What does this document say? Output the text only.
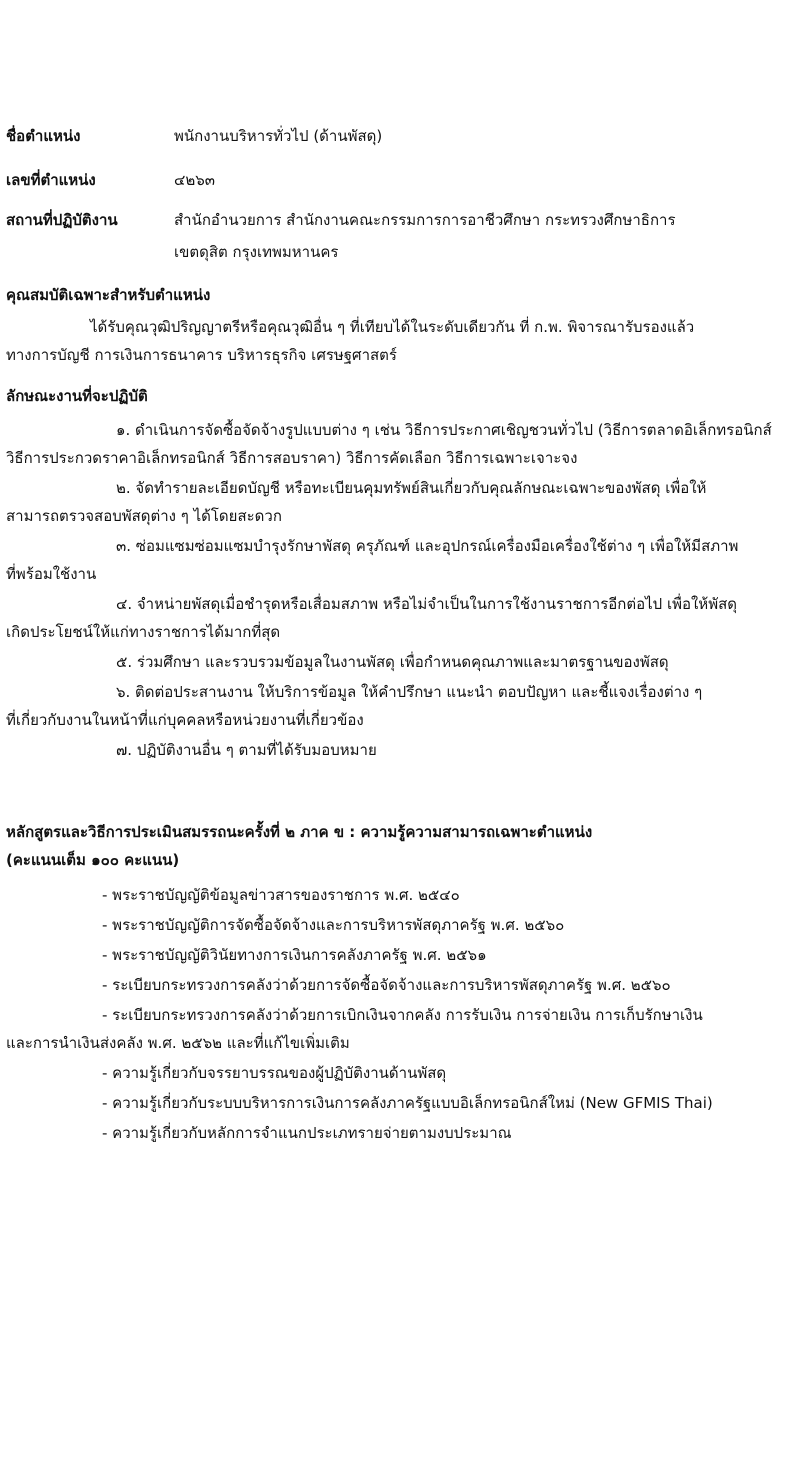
ชื่อตำแหน่ง	พนักงานบริหารทั่วไป (ด้านพัสดุ)
เลขที่ตำแหน่ง	๔๒๖๓
สถานที่ปฏิบัติงาน	สำนักอำนวยการ สำนักงานคณะกรรมการการอาชีวศึกษา กระทรวงศึกษาธิการ
เขตดุสิต กรุงเทพมหานคร
คุณสมบัติเฉพาะสำหรับตำแหน่ง
ได้รับคุณวุฒิปริญญาตรีหรือคุณวุฒิอื่น ๆ ที่เทียบได้ในระดับเดียวกัน ที่ ก.พ. พิจารณารับรองแล้ว
ทางการบัญชี การเงินการธนาคาร บริหารธุรกิจ เศรษฐศาสตร์
ลักษณะงานที่จะปฏิบัติ
๑. ดำเนินการจัดซื้อจัดจ้างรูปแบบต่าง ๆ เช่น วิธีการประกาศเชิญชวนทั่วไป (วิธีการตลาดอิเล็กทรอนิกส์
วิธีการประกวดราคาอิเล็กทรอนิกส์ วิธีการสอบราคา) วิธีการคัดเลือก วิธีการเฉพาะเจาะจง
๒. จัดทำรายละเอียดบัญชี หรือทะเบียนคุมทรัพย์สินเกี่ยวกับคุณลักษณะเฉพาะของพัสดุ เพื่อให้
สามารถตรวจสอบพัสดุต่าง ๆ ได้โดยสะดวก
๓. ซ่อมแซมซ่อมแซมบำรุงรักษาพัสดุ ครุภัณฑ์ และอุปกรณ์เครื่องมือเครื่องใช้ต่าง ๆ เพื่อให้มีสภาพ
ที่พร้อมใช้งาน
๔. จำหน่ายพัสดุเมื่อชำรุดหรือเสื่อมสภาพ หรือไม่จำเป็นในการใช้งานราชการอีกต่อไป เพื่อให้พัสดุ
เกิดประโยชน์ให้แก่ทางราชการได้มากที่สุด
๕. ร่วมศึกษา และรวบรวมข้อมูลในงานพัสดุ เพื่อกำหนดคุณภาพและมาตรฐานของพัสดุ
๖. ติดต่อประสานงาน ให้บริการข้อมูล ให้คำปรึกษา แนะนำ ตอบปัญหา และชี้แจงเรื่องต่าง ๆ
ที่เกี่ยวกับงานในหน้าที่แก่บุคคลหรือหน่วยงานที่เกี่ยวข้อง
๗. ปฏิบัติงานอื่น ๆ ตามที่ได้รับมอบหมาย
หลักสูตรและวิธีการประเมินสมรรถนะครั้งที่ ๒ ภาค ข : ความรู้ความสามารถเฉพาะตำแหน่ง
(คะแนนเต็ม ๑๐๐ คะแนน)
- พระราชบัญญัติข้อมูลข่าวสารของราชการ พ.ศ. ๒๕๔๐
- พระราชบัญญัติการจัดซื้อจัดจ้างและการบริหารพัสดุภาครัฐ พ.ศ. ๒๕๖๐
- พระราชบัญญัติวินัยทางการเงินการคลังภาครัฐ พ.ศ. ๒๕๖๑
- ระเบียบกระทรวงการคลังว่าด้วยการจัดซื้อจัดจ้างและการบริหารพัสดุภาครัฐ พ.ศ. ๒๕๖๐
- ระเบียบกระทรวงการคลังว่าด้วยการเบิกเงินจากคลัง การรับเงิน การจ่ายเงิน การเก็บรักษาเงิน
และการนำเงินส่งคลัง พ.ศ. ๒๕๖๒ และที่แก้ไขเพิ่มเติม
- ความรู้เกี่ยวกับจรรยาบรรณของผู้ปฏิบัติงานด้านพัสดุ
- ความรู้เกี่ยวกับระบบบริหารการเงินการคลังภาครัฐแบบอิเล็กทรอนิกส์ใหม่ (New GFMIS Thai)
- ความรู้เกี่ยวกับหลักการจำแนกประเภทรายจ่ายตามงบประมาณ
